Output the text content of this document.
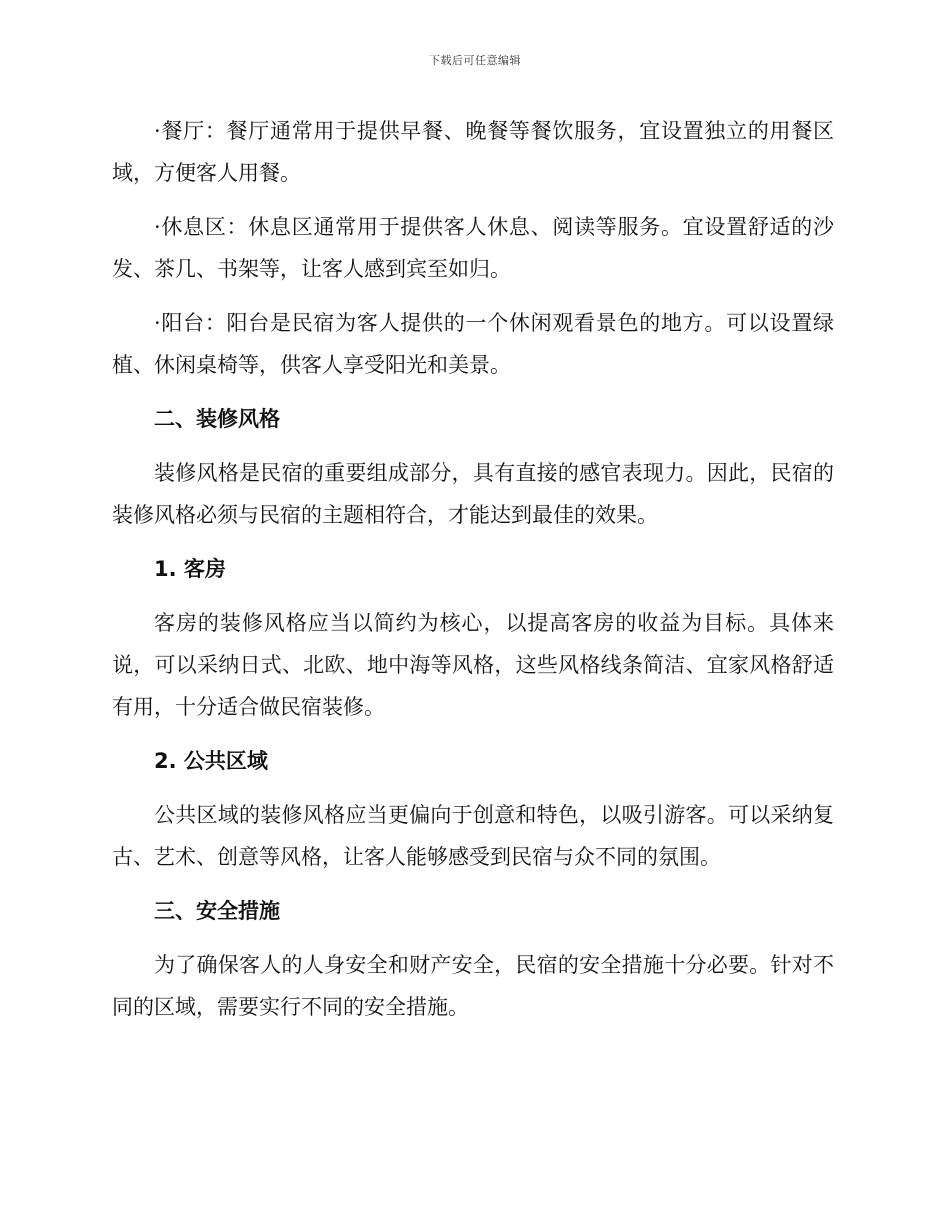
下载后可任意编辑

·餐厅：餐厅通常用于提供早餐、晚餐等餐饮服务，宜设置独立的用餐区域，方便客人用餐。

·休息区：休息区通常用于提供客人休息、阅读等服务。宜设置舒适的沙发、茶几、书架等，让客人感到宾至如归。

·阳台：阳台是民宿为客人提供的一个休闲观看景色的地方。可以设置绿植、休闲桌椅等，供客人享受阳光和美景。

二、装修风格

装修风格是民宿的重要组成部分，具有直接的感官表现力。因此，民宿的装修风格必须与民宿的主题相符合，才能达到最佳的效果。

1. 客房

客房的装修风格应当以简约为核心，以提高客房的收益为目标。具体来说，可以采纳日式、北欧、地中海等风格，这些风格线条简洁、宜家风格舒适有用，十分适合做民宿装修。

2. 公共区域

公共区域的装修风格应当更偏向于创意和特色，以吸引游客。可以采纳复古、艺术、创意等风格，让客人能够感受到民宿与众不同的氛围。

三、安全措施

为了确保客人的人身安全和财产安全，民宿的安全措施十分必要。针对不同的区域，需要实行不同的安全措施。
